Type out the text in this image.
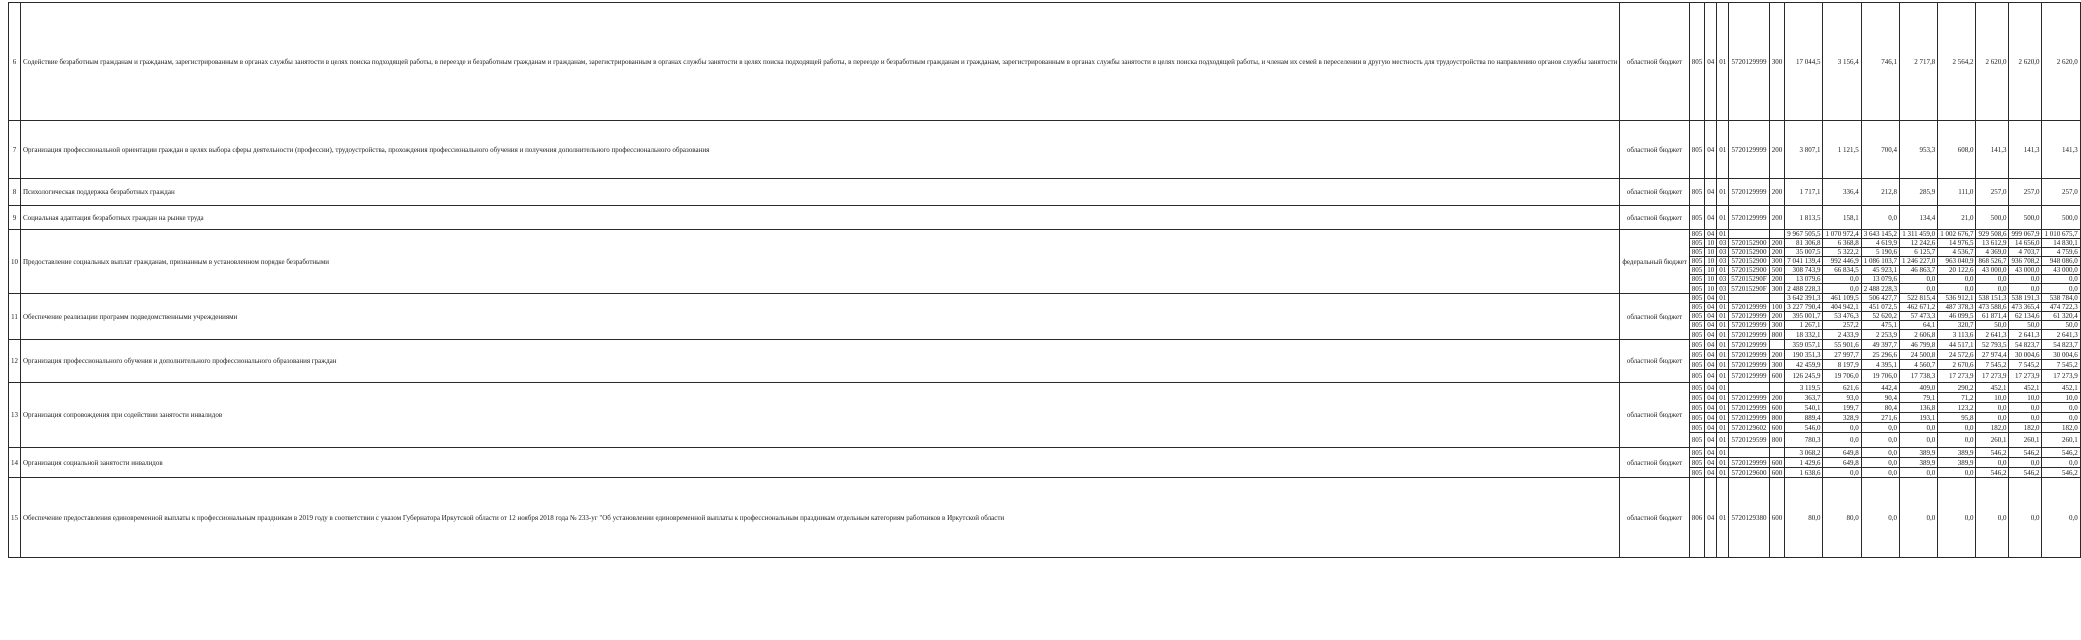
6	Содействие безработным гражданам и гражданам, зарегистрированным в органах службы занятости в целях поиска подходящей работы, в переезде и безработным гражданам и гражданам, зарегистрированным в органах службы занятости в целях поиска подходящей работы, в переезде и безработным гражданам и гражданам, зарегистрированным в органах службы занятости в целях поиска подходящей работы, и членам их семей в переселении в другую местность для трудоустройства по направлению органов службы занятости	областной бюджет	805	04	01	5720129999	300	17 044,5	3 156,4	746,1	2 717,8	2 564,2	2 620,0	2 620,0	2 620,0
7	Организация профессиональной ориентации граждан в целях выбора сферы деятельности (профессии), трудоустройства, прохождения профессионального обучения и получения дополнительного профессионального образования	областной бюджет	805	04	01	5720129999	200	3 807,1	1 121,5	700,4	953,3	608,0	141,3	141,3	141,3
8	Психологическая поддержка безработных граждан	областной бюджет	805	04	01	5720129999	200	1 717,1	336,4	212,8	285,9	111,0	257,0	257,0	257,0
9	Социальная адаптация безработных граждан на рынке труда	областной бюджет	805	04	01	5720129999	200	1 813,5	158,1	0,0	134,4	21,0	500,0	500,0	500,0
10	Предоставление социальных выплат гражданам, признанным в установленном порядке безработными	федеральный бюджет	805	04	01			9 967 505,5	1 070 972,4	3 643 145,2	1 311 459,0	1 002 676,7	929 508,6	999 067,9	1 010 675,7
			805	10	03	5720152900	200	81 306,8	6 368,8	4 619,9	12 242,6	14 976,5	13 612,9	14 656,0	14 830,1
			805	10	03	5720152900	200	35 007,5	5 322,2	5 190,6	6 125,7	4 536,7	4 369,0	4 703,7	4 759,6
			805	10	03	5720152900	300	7 041 139,4	992 446,9	1 086 103,7	1 246 227,0	963 040,9	868 526,7	936 708,2	948 086,0
			805	10	01	5720152900	500	308 743,9	66 834,5	45 923,1	46 863,7	20 122,6	43 000,0	43 000,0	43 000,0
			805	10	03	572015290F	200	13 079,6	0,0	13 079,6	0,0	0,0	0,0	0,0	0,0
			805	10	03	572015290F	300	2 488 228,3	0,0	2 488 228,3	0,0	0,0	0,0	0,0	0,0
11	Обеспечение реализации программ подведомственными учреждениями	областной бюджет	805	04	01			3 642 391,3	461 109,5	506 427,7	522 815,4	536 912,1	538 151,3	538 191,3	538 784,0
			805	04	01	5720129999	100	3 227 790,4	404 942,1	451 072,5	462 671,2	487 378,3	473 588,6	473 365,4	474 722,3
			805	04	01	5720129999	200	395 001,7	53 476,3	52 620,2	57 473,3	46 099,5	61 871,4	62 134,6	61 320,4
			805	04	01	5720129999	300	1 267,1	257,2	475,1	64,1	320,7	50,0	50,0	50,0
			805	04	01	5720129999	800	18 332,1	2 433,9	2 253,9	2 606,8	3 113,6	2 641,3	2 641,3	2 641,3
12	Организация профессионального обучения и дополнительного профессионального образования граждан	областной бюджет	805	04	01	5720129999		359 057,1	55 901,6	49 397,7	46 799,8	44 517,1	52 793,5	54 823,7	54 823,7
			805	04	01	5720129999	200	190 351,3	27 997,7	25 296,6	24 500,8	24 572,6	27 974,4	30 004,6	30 004,6
			805	04	01	5720129999	300	42 459,9	8 197,9	4 395,1	4 560,7	2 670,6	7 545,2	7 545,2	7 545,2
			805	04	01	5720129999	600	126 245,9	19 706,0	19 706,0	17 738,3	17 273,9	17 273,9	17 273,9	17 273,9
13	Организация сопровождения при содействии занятости инвалидов	областной бюджет	805	04	01			3 119,5	621,6	442,4	409,0	290,2	452,1	452,1	452,1
			805	04	01	5720129999	200	363,7	93,0	90,4	79,1	71,2	10,0	10,0	10,0
			805	04	01	5720129999	600	540,1	199,7	80,4	136,8	123,2	0,0	0,0	0,0
			805	04	01	5720129999	800	889,4	328,9	271,6	193,1	95,8	0,0	0,0	0,0
			805	04	01	5720129602	600	546,0	0,0	0,0	0,0	0,0	182,0	182,0	182,0
			805	04	01	5720129599	800	780,3	0,0	0,0	0,0	0,0	260,1	260,1	260,1
14	Организация социальной занятости инвалидов	областной бюджет	805	04	01			3 068,2	649,8	0,0	389,9	389,9	546,2	546,2	546,2
			805	04	01	5720129999	600	1 429,6	649,8	0,0	389,9	389,9	0,0	0,0	0,0
			805	04	01	5720129600	600	1 638,6	0,0	0,0	0,0	0,0	546,2	546,2	546,2
15	Обеспечение предоставления единовременной выплаты к профессиональным праздникам в 2019 году в соответствии с указом Губернатора Иркутской области от 12 ноября 2018 года № 233-уг "Об установлении единовременной выплаты к профессиональным праздникам отдельным категориям работников в Иркутской области	областной бюджет	806	04	01	5720129380	600	80,0	80,0	0,0	0,0	0,0	0,0	0,0	0,0
